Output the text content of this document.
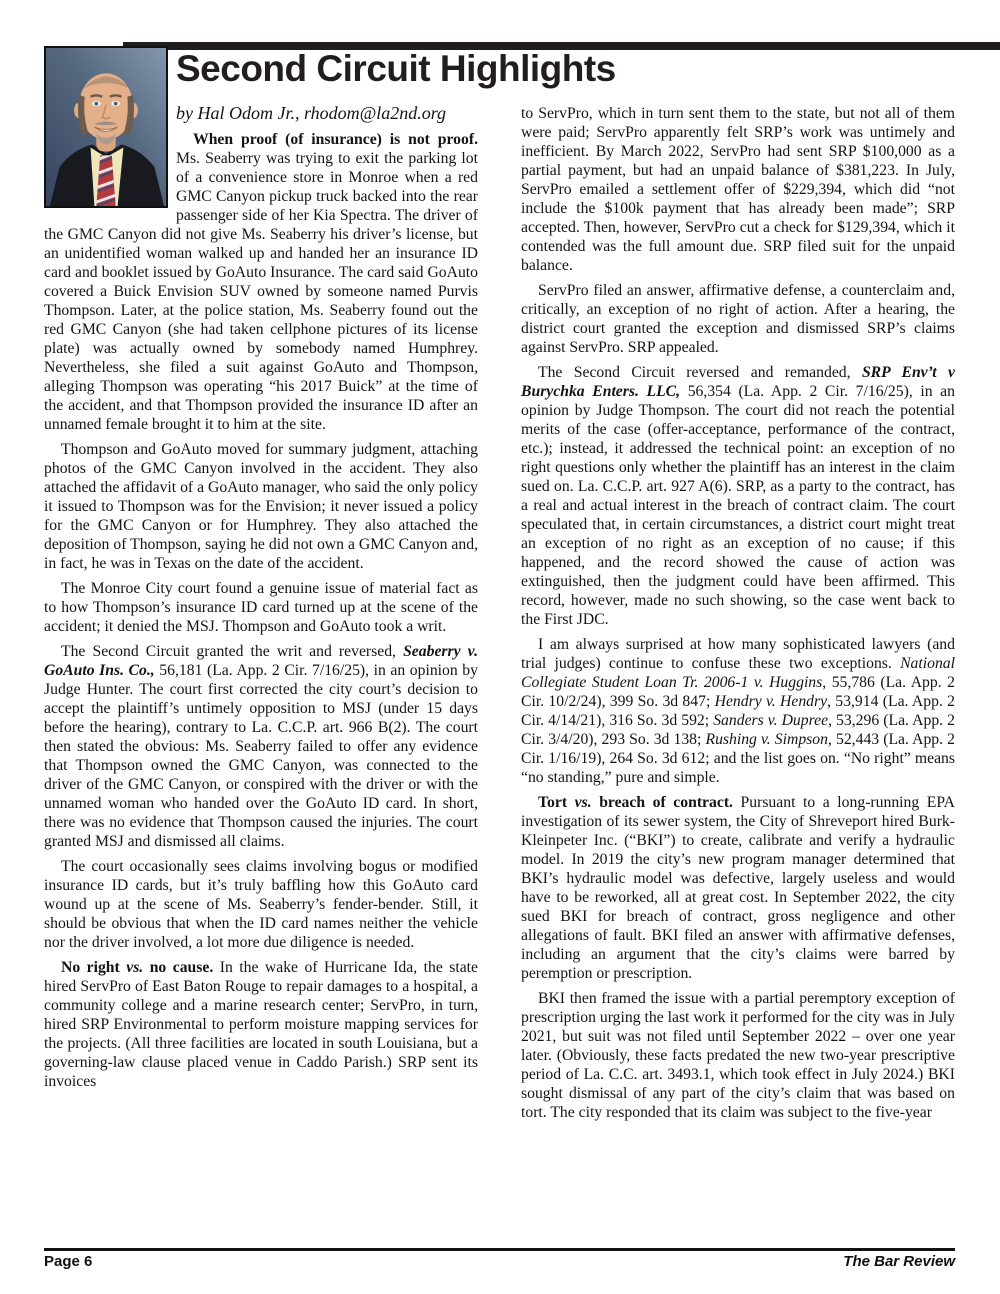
Second Circuit Highlights
by Hal Odom Jr., rhodom@la2nd.org

When proof (of insurance) is not proof. Ms. Seaberry was trying to exit the parking lot of a convenience store in Monroe when a red GMC Canyon pickup truck backed into the rear passenger side of her Kia Spectra. The driver of the GMC Canyon did not give Ms. Seaberry his driver’s license, but an unidentified woman walked up and handed her an insurance ID card and booklet issued by GoAuto Insurance. The card said GoAuto covered a Buick Envision SUV owned by someone named Purvis Thompson. Later, at the police station, Ms. Seaberry found out the red GMC Canyon (she had taken cellphone pictures of its license plate) was actually owned by somebody named Humphrey. Nevertheless, she filed a suit against GoAuto and Thompson, alleging Thompson was operating “his 2017 Buick” at the time of the accident, and that Thompson provided the insurance ID after an unnamed female brought it to him at the site.

Thompson and GoAuto moved for summary judgment, attaching photos of the GMC Canyon involved in the accident. They also attached the affidavit of a GoAuto manager, who said the only policy it issued to Thompson was for the Envision; it never issued a policy for the GMC Canyon or for Humphrey. They also attached the deposition of Thompson, saying he did not own a GMC Canyon and, in fact, he was in Texas on the date of the accident.

The Monroe City court found a genuine issue of material fact as to how Thompson’s insurance ID card turned up at the scene of the accident; it denied the MSJ. Thompson and GoAuto took a writ.

The Second Circuit granted the writ and reversed, Seaberry v. GoAuto Ins. Co., 56,181 (La. App. 2 Cir. 7/16/25), in an opinion by Judge Hunter. The court first corrected the city court’s decision to accept the plaintiff’s untimely opposition to MSJ (under 15 days before the hearing), contrary to La. C.C.P. art. 966 B(2). The court then stated the obvious: Ms. Seaberry failed to offer any evidence that Thompson owned the GMC Canyon, was connected to the driver of the GMC Canyon, or conspired with the driver or with the unnamed woman who handed over the GoAuto ID card. In short, there was no evidence that Thompson caused the injuries. The court granted MSJ and dismissed all claims.

The court occasionally sees claims involving bogus or modified insurance ID cards, but it’s truly baffling how this GoAuto card wound up at the scene of Ms. Seaberry’s fender-bender. Still, it should be obvious that when the ID card names neither the vehicle nor the driver involved, a lot more due diligence is needed.

No right vs. no cause. In the wake of Hurricane Ida, the state hired ServPro of East Baton Rouge to repair damages to a hospital, a community college and a marine research center; ServPro, in turn, hired SRP Environmental to perform moisture mapping services for the projects. (All three facilities are located in south Louisiana, but a governing-law clause placed venue in Caddo Parish.) SRP sent its invoices

to ServPro, which in turn sent them to the state, but not all of them were paid; ServPro apparently felt SRP’s work was untimely and inefficient. By March 2022, ServPro had sent SRP $100,000 as a partial payment, but had an unpaid balance of $381,223. In July, ServPro emailed a settlement offer of $229,394, which did “not include the $100k payment that has already been made”; SRP accepted. Then, however, ServPro cut a check for $129,394, which it contended was the full amount due. SRP filed suit for the unpaid balance.

ServPro filed an answer, affirmative defense, a counterclaim and, critically, an exception of no right of action. After a hearing, the district court granted the exception and dismissed SRP’s claims against ServPro. SRP appealed.

The Second Circuit reversed and remanded, SRP Env’t v Burychka Enters. LLC, 56,354 (La. App. 2 Cir. 7/16/25), in an opinion by Judge Thompson. The court did not reach the potential merits of the case (offer-acceptance, performance of the contract, etc.); instead, it addressed the technical point: an exception of no right questions only whether the plaintiff has an interest in the claim sued on. La. C.C.P. art. 927 A(6). SRP, as a party to the contract, has a real and actual interest in the breach of contract claim. The court speculated that, in certain circumstances, a district court might treat an exception of no right as an exception of no cause; if this happened, and the record showed the cause of action was extinguished, then the judgment could have been affirmed. This record, however, made no such showing, so the case went back to the First JDC.

I am always surprised at how many sophisticated lawyers (and trial judges) continue to confuse these two exceptions. National Collegiate Student Loan Tr. 2006-1 v. Huggins, 55,786 (La. App. 2 Cir. 10/2/24), 399 So. 3d 847; Hendry v. Hendry, 53,914 (La. App. 2 Cir. 4/14/21), 316 So. 3d 592; Sanders v. Dupree, 53,296 (La. App. 2 Cir. 3/4/20), 293 So. 3d 138; Rushing v. Simpson, 52,443 (La. App. 2 Cir. 1/16/19), 264 So. 3d 612; and the list goes on. “No right” means “no standing,” pure and simple.

Tort vs. breach of contract. Pursuant to a long-running EPA investigation of its sewer system, the City of Shreveport hired Burk-Kleinpeter Inc. (“BKI”) to create, calibrate and verify a hydraulic model. In 2019 the city’s new program manager determined that BKI’s hydraulic model was defective, largely useless and would have to be reworked, all at great cost. In September 2022, the city sued BKI for breach of contract, gross negligence and other allegations of fault. BKI filed an answer with affirmative defenses, including an argument that the city’s claims were barred by peremption or prescription.

BKI then framed the issue with a partial peremptory exception of prescription urging the last work it performed for the city was in July 2021, but suit was not filed until September 2022 – over one year later. (Obviously, these facts predated the new two-year prescriptive period of La. C.C. art. 3493.1, which took effect in July 2024.) BKI sought dismissal of any part of the city’s claim that was based on tort. The city responded that its claim was subject to the five-year

Page 6	The Bar Review
